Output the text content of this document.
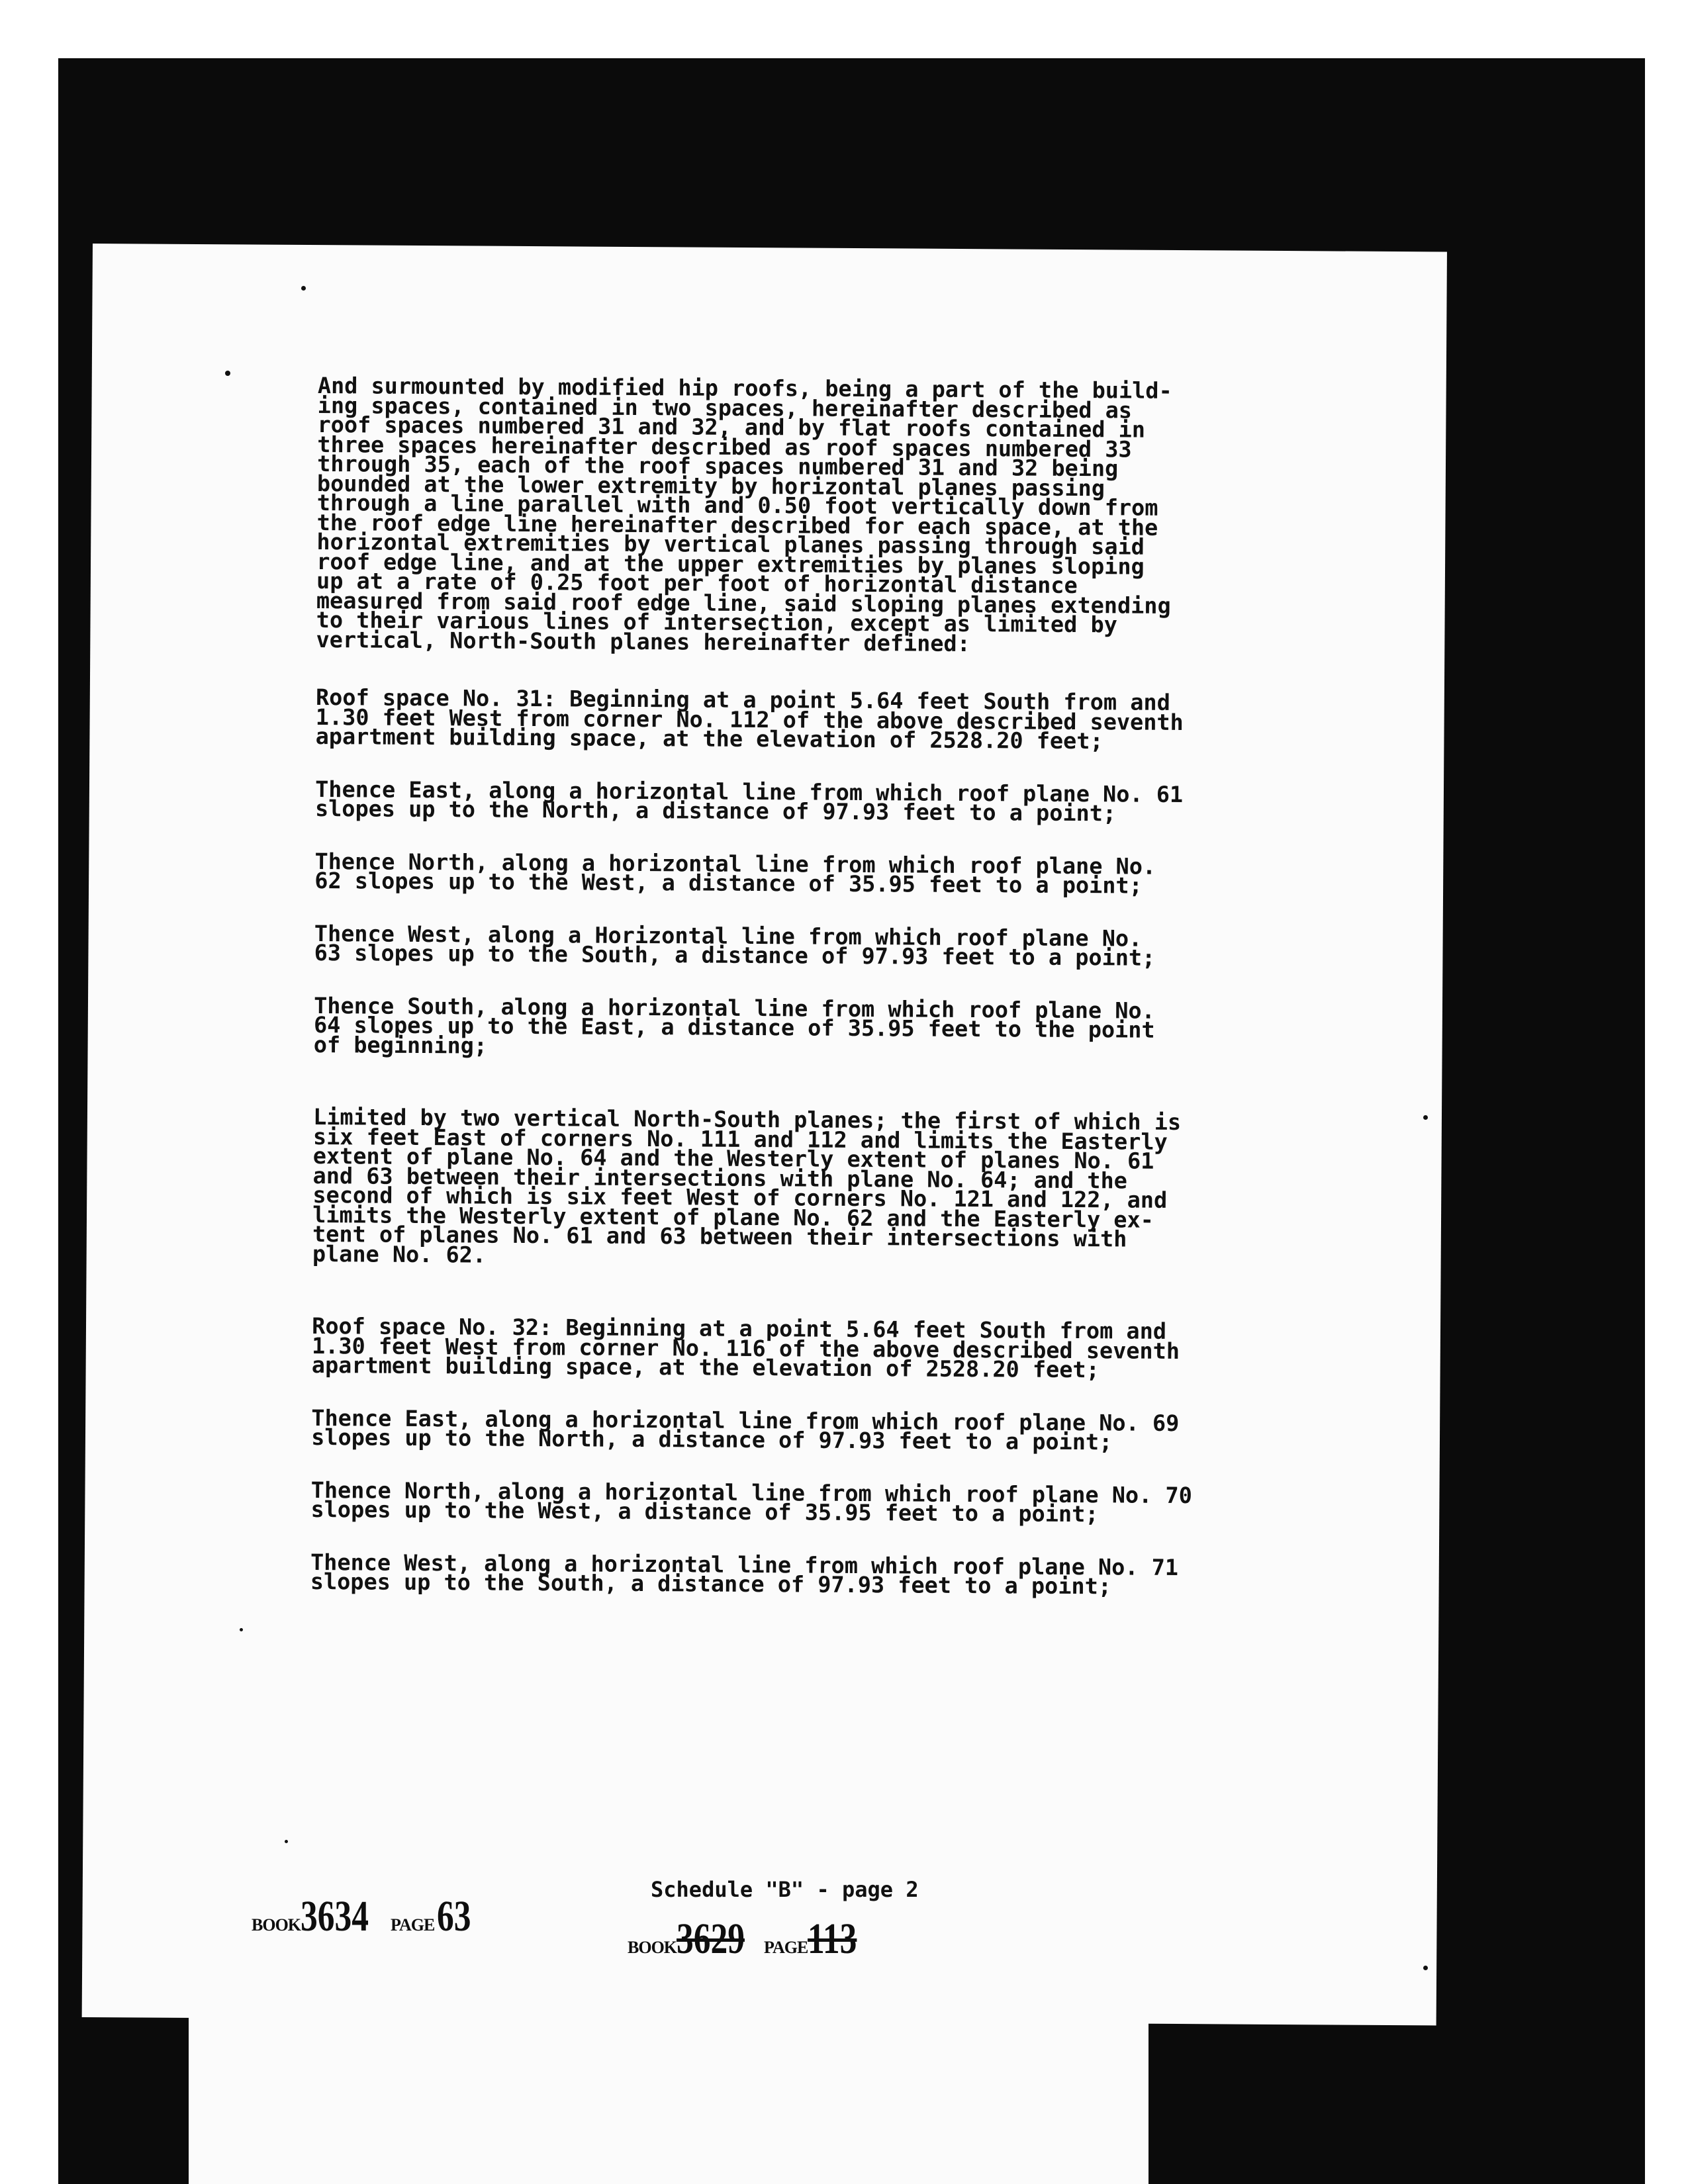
And surmounted by modified hip roofs, being a part of the build-
ing spaces, contained in two spaces, hereinafter described as
roof spaces numbered 31 and 32, and by flat roofs contained in
three spaces hereinafter described as roof spaces numbered 33
through 35, each of the roof spaces numbered 31 and 32 being
bounded at the lower extremity by horizontal planes passing
through a line parallel with and 0.50 foot vertically down from
the roof edge line hereinafter described for each space, at the
horizontal extremities by vertical planes passing through said
roof edge line, and at the upper extremities by planes sloping
up at a rate of 0.25 foot per foot of horizontal distance
measured from said roof edge line, said sloping planes extending
to their various lines of intersection, except as limited by
vertical, North-South planes hereinafter defined:

Roof space No. 31: Beginning at a point 5.64 feet South from and
1.30 feet West from corner No. 112 of the above described seventh
apartment building space, at the elevation of 2528.20 feet;

Thence East, along a horizontal line from which roof plane No. 61
slopes up to the North, a distance of 97.93 feet to a point;

Thence North, along a horizontal line from which roof plane No.
62 slopes up to the West, a distance of 35.95 feet to a point;

Thence West, along a Horizontal line from which roof plane No.
63 slopes up to the South, a distance of 97.93 feet to a point;

Thence South, along a horizontal line from which roof plane No.
64 slopes up to the East, a distance of 35.95 feet to the point
of beginning;

Limited by two vertical North-South planes; the first of which is
six feet East of corners No. 111 and 112 and limits the Easterly
extent of plane No. 64 and the Westerly extent of planes No. 61
and 63 between their intersections with plane No. 64; and the
second of which is six feet West of corners No. 121 and 122, and
limits the Westerly extent of plane No. 62 and the Easterly ex-
tent of planes No. 61 and 63 between their intersections with
plane No. 62.

Roof space No. 32: Beginning at a point 5.64 feet South from and
1.30 feet West from corner No. 116 of the above described seventh
apartment building space, at the elevation of 2528.20 feet;

Thence East, along a horizontal line from which roof plane No. 69
slopes up to the North, a distance of 97.93 feet to a point;

Thence North, along a horizontal line from which roof plane No. 70
slopes up to the West, a distance of 35.95 feet to a point;

Thence West, along a horizontal line from which roof plane No. 71
slopes up to the South, a distance of 97.93 feet to a point;

Schedule "B" - page 2
BOOK3634 PAGE 63
BOOK3629 PAGE113
